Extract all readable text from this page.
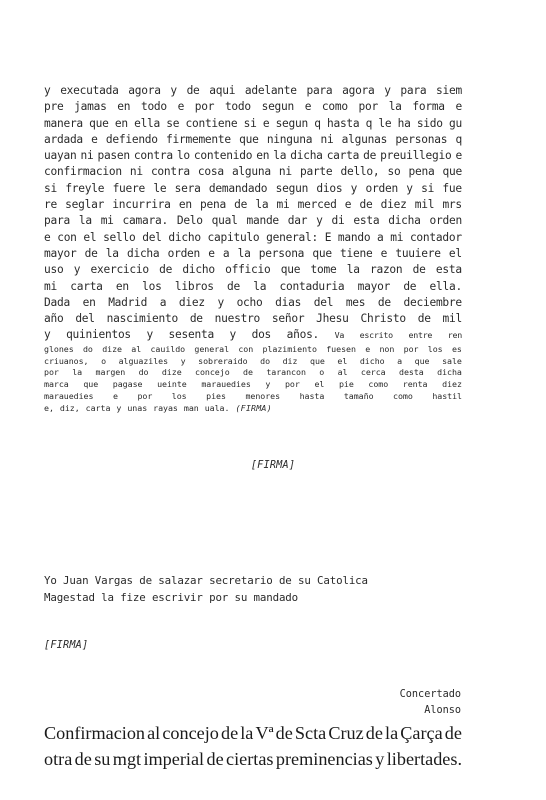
y executada agora y de aqui adelante para agora y para siem
pre jamas en todo e por todo segun e como por la forma e
manera que en ella se contiene si e segun q hasta q le ha sido gu
ardada e defiendo firmemente que ninguna ni algunas personas q
uayan ni pasen contra lo contenido en la dicha carta de preuillegio e
confirmacion ni contra cosa alguna ni parte dello, so pena que
si freyle fuere le sera demandado segun dios y orden y si fue
re seglar incurrira en pena de la mi merced e de diez mil mrs
para la mi camara. Delo qual mande dar y di esta dicha orden
e con el sello del dicho capitulo general: E mando a mi contador
mayor de la dicha orden e a la persona que tiene e tuuiere el
uso y exercicio de dicho officio que tome la razon de esta
mi carta en los libros de la contaduria mayor de ella.
Dada en Madrid a diez y ocho dias del mes de deciembre
año del nascimiento de nuestro señor Jhesu Christo de mil
y quinientos y sesenta y dos años. Va escrito entre ren
glones do dize al cauildo general con plazimiento fuesen e non por los es
criuanos, o alguaziles y sobreraido do diz que el dicho a que sale
por la margen do dize concejo de tarancon o al cerca desta dicha
marca que pagase ueinte marauedies y por el pie como renta diez
marauedies e por los pies menores hasta tamaño como hastil
e, diz, carta y unas rayas man uala. (FIRMA)
[FIRMA]
Yo Juan Vargas de salazar secretario de su Catolica
Magestad la fize escrivir por su mandado
[FIRMA]
Concertado
Alonso
Confirmacion al concejo de la Vª de Scta Cruz de la Çarça de
otra de su mgt imperial de ciertas preminencias y libertades.
